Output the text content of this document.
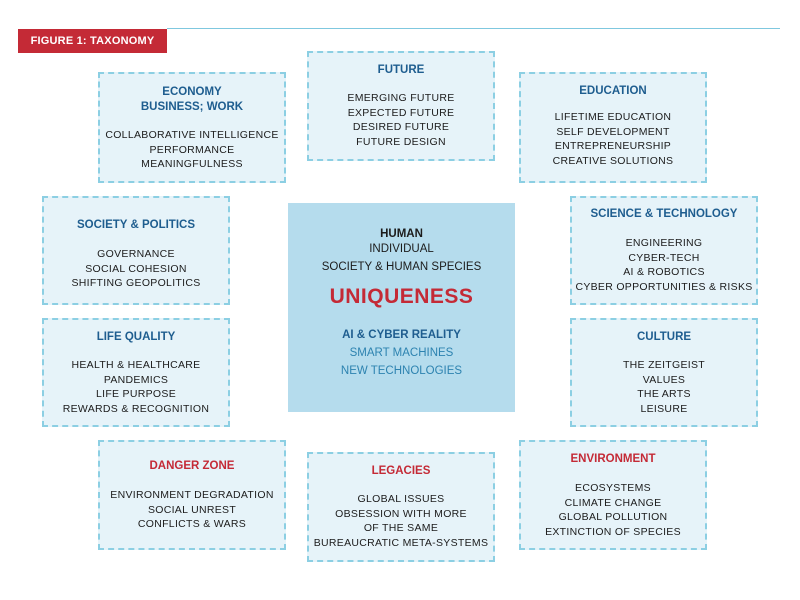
FIGURE 1: TAXONOMY
ECONOMY
BUSINESS; WORK
COLLABORATIVE INTELLIGENCE
PERFORMANCE
MEANINGFULNESS
FUTURE
EMERGING FUTURE
EXPECTED FUTURE
DESIRED FUTURE
FUTURE DESIGN
EDUCATION
LIFETIME EDUCATION
SELF DEVELOPMENT
ENTREPRENEURSHIP
CREATIVE SOLUTIONS
SOCIETY & POLITICS
GOVERNANCE
SOCIAL COHESION
SHIFTING GEOPOLITICS
SCIENCE & TECHNOLOGY
ENGINEERING
CYBER-TECH
AI & ROBOTICS
CYBER OPPORTUNITIES & RISKS
LIFE QUALITY
HEALTH & HEALTHCARE
PANDEMICS
LIFE PURPOSE
REWARDS & RECOGNITION
CULTURE
THE ZEITGEIST
VALUES
THE ARTS
LEISURE
DANGER ZONE
ENVIRONMENT DEGRADATION
SOCIAL UNREST
CONFLICTS & WARS
LEGACIES
GLOBAL ISSUES
OBSESSION WITH MORE
OF THE SAME
BUREAUCRATIC META-SYSTEMS
ENVIRONMENT
ECOSYSTEMS
CLIMATE CHANGE
GLOBAL POLLUTION
EXTINCTION OF SPECIES
HUMAN
INDIVIDUAL
SOCIETY & HUMAN SPECIES
UNIQUENESS
AI & CYBER REALITY
SMART MACHINES
NEW TECHNOLOGIES
